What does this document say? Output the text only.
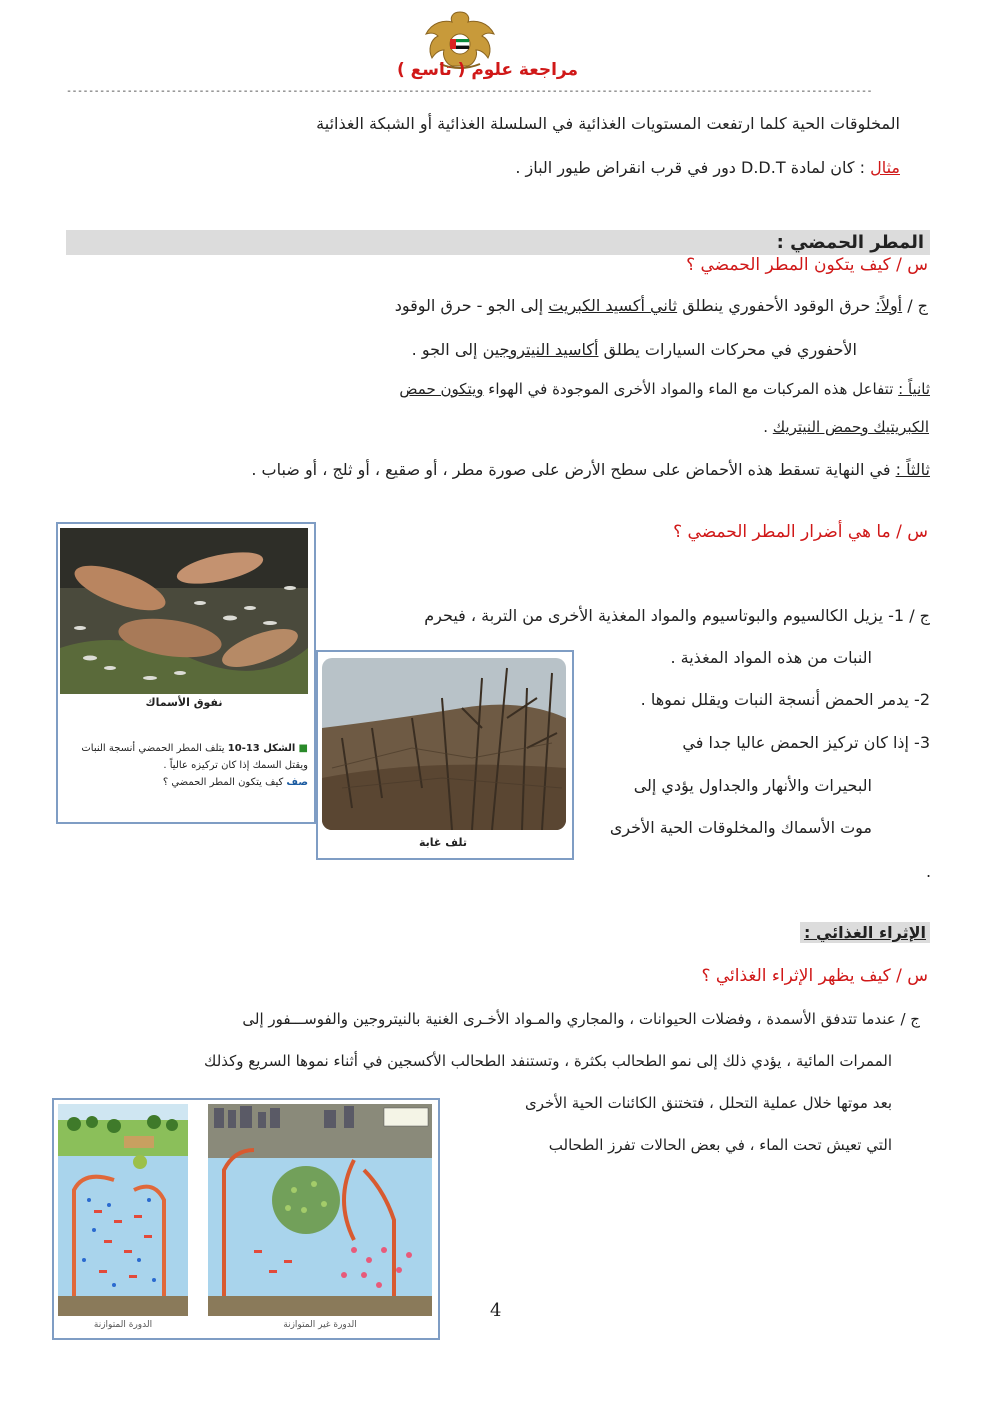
مراجعة علوم ( تاسع )
--------------------------------------------------------------------------------------------------------------------------------------------------
المخلوقات الحية كلما ارتفعت المستويات الغذائية في السلسلة الغذائية أو الشبكة الغذائية
مثال : كان لمادة D.D.T دور في قرب انقراض طيور الباز .
المطر الحمضي :
س / كيف يتكون المطر الحمضي ؟
ج / أولاً: حرق الوقود الأحفوري ينطلق ثاني أكسيد الكبريت إلى الجو - حرق الوقود
الأحفوري في محركات السيارات يطلق أكاسيد النيتروجين إلى الجو .
ثانياً : تتفاعل هذه المركبات مع الماء والمواد الأخرى الموجودة في الهواء ويتكون حمض
الكبريتيك وحمض النيتريك .
ثالثاً : في النهاية تسقط هذه الأحماض على سطح الأرض على صورة مطر ، أو صقيع ، أو ثلج ، أو ضباب .
س / ما هي أضرار المطر الحمضي ؟
نفوق الأسماك
■ الشكل 13-10 يتلف المطر الحمضي أنسجة النبات
ويقتل السمك إذا كان تركيزه عالياً .
صف كيف يتكون المطر الحمضي ؟
تلف غابة
ج / 1- يزيل الكالسيوم والبوتاسيوم والمواد المغذية الأخرى من التربة ، فيحرم
النبات من هذه المواد المغذية .
2- يدمر الحمض أنسجة النبات ويقلل نموها .
3- إذا كان تركيز الحمض عاليا جدا في
البحيرات والأنهار والجداول يؤدي إلى
موت الأسماك والمخلوقات الحية الأخرى
.
الإثراء الغذائي :
س / كيف يظهر الإثراء الغذائي ؟
ج / عندما تتدفق الأسمدة ، وفضلات الحيوانات ، والمجاري والمـواد الأخـرى الغنية بالنيتروجين والفوســـفور إلى
الممرات المائية ، يؤدي ذلك إلى نمو الطحالب بكثرة ، وتستنفد الطحالب الأكسجين في أثناء نموها السريع وكذلك
بعد موتها خلال عملية التحلل ، فتختنق الكائنات الحية الأخرى
التي تعيش تحت الماء ، في بعض الحالات تفرز الطحالب
الدورة المتوازنة	الدورة غير المتوازنة
4
